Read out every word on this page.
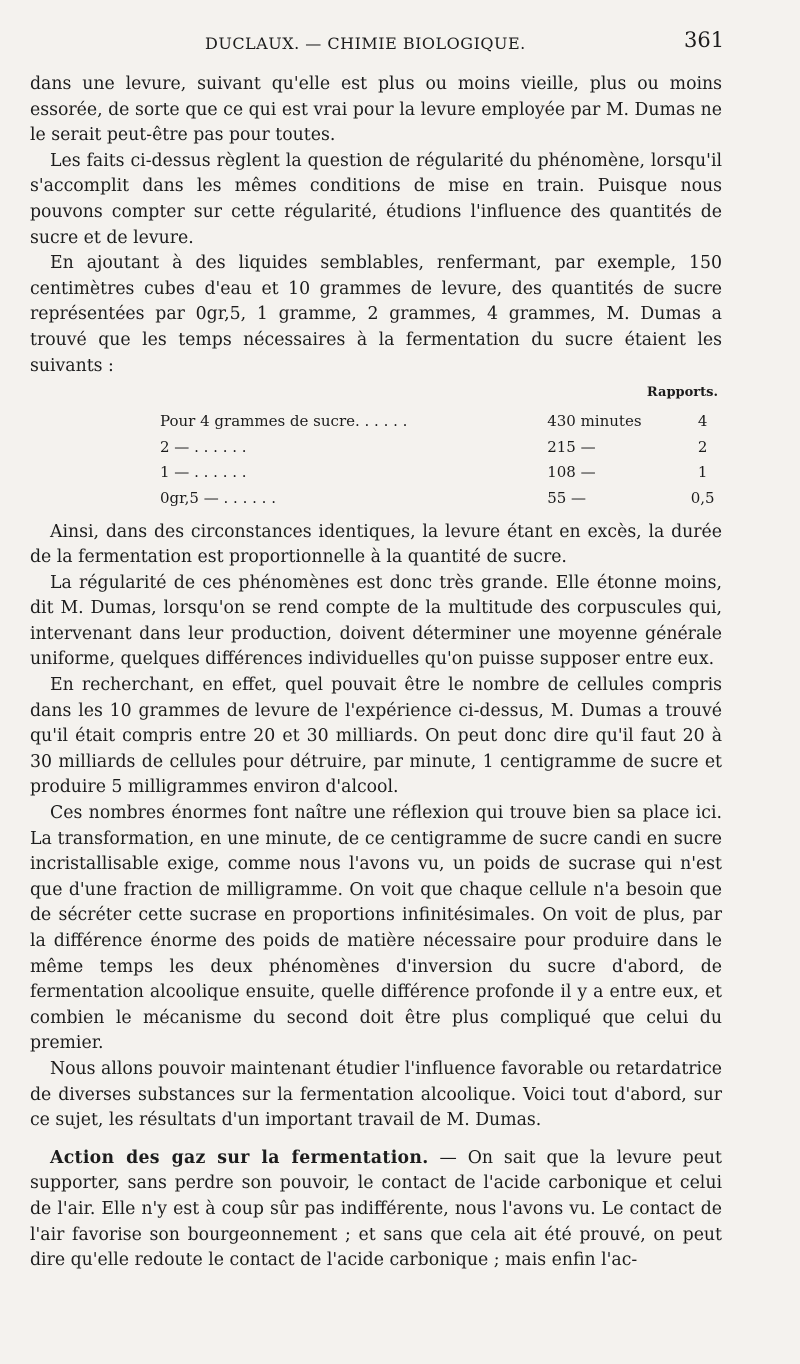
DUCLAUX. — CHIMIE BIOLOGIQUE.	361

dans une levure, suivant qu'elle est plus ou moins vieille, plus ou moins essorée, de sorte que ce qui est vrai pour la levure employée par M. Dumas ne le serait peut-être pas pour toutes.

Les faits ci-dessus règlent la question de régularité du phénomène, lorsqu'il s'accomplit dans les mêmes conditions de mise en train. Puisque nous pouvons compter sur cette régularité, étudions l'influence des quantités de sucre et de levure.

En ajoutant à des liquides semblables, renfermant, par exemple, 150 centimètres cubes d'eau et 10 grammes de levure, des quantités de sucre représentées par 0gr,5, 1 gramme, 2 grammes, 4 grammes, M. Dumas a trouvé que les temps nécessaires à la fermentation du sucre étaient les suivants :

Rapports.
Pour 4 grammes de sucre. . . . . .	430 minutes	4
2 — . . . . . .	215 —	2
1 — . . . . . .	108 —	1
0gr,5 — . . . . . .	55 —	0,5

Ainsi, dans des circonstances identiques, la levure étant en excès, la durée de la fermentation est proportionnelle à la quantité de sucre.

La régularité de ces phénomènes est donc très grande. Elle étonne moins, dit M. Dumas, lorsqu'on se rend compte de la multitude des corpuscules qui, intervenant dans leur production, doivent déterminer une moyenne générale uniforme, quelques différences individuelles qu'on puisse supposer entre eux.

En recherchant, en effet, quel pouvait être le nombre de cellules compris dans les 10 grammes de levure de l'expérience ci-dessus, M. Dumas a trouvé qu'il était compris entre 20 et 30 milliards. On peut donc dire qu'il faut 20 à 30 milliards de cellules pour détruire, par minute, 1 centigramme de sucre et produire 5 milligrammes environ d'alcool.

Ces nombres énormes font naître une réflexion qui trouve bien sa place ici. La transformation, en une minute, de ce centigramme de sucre candi en sucre incristallisable exige, comme nous l'avons vu, un poids de sucrase qui n'est que d'une fraction de milligramme. On voit que chaque cellule n'a besoin que de sécréter cette sucrase en proportions infinitésimales. On voit de plus, par la différence énorme des poids de matière nécessaire pour produire dans le même temps les deux phénomènes d'inversion du sucre d'abord, de fermentation alcoolique ensuite, quelle différence profonde il y a entre eux, et combien le mécanisme du second doit être plus compliqué que celui du premier.

Nous allons pouvoir maintenant étudier l'influence favorable ou retardatrice de diverses substances sur la fermentation alcoolique. Voici tout d'abord, sur ce sujet, les résultats d'un important travail de M. Dumas.

Action des gaz sur la fermentation. — On sait que la levure peut supporter, sans perdre son pouvoir, le contact de l'acide carbonique et celui de l'air. Elle n'y est à coup sûr pas indifférente, nous l'avons vu. Le contact de l'air favorise son bourgeonnement ; et sans que cela ait été prouvé, on peut dire qu'elle redoute le contact de l'acide carbonique ; mais enfin l'ac-
